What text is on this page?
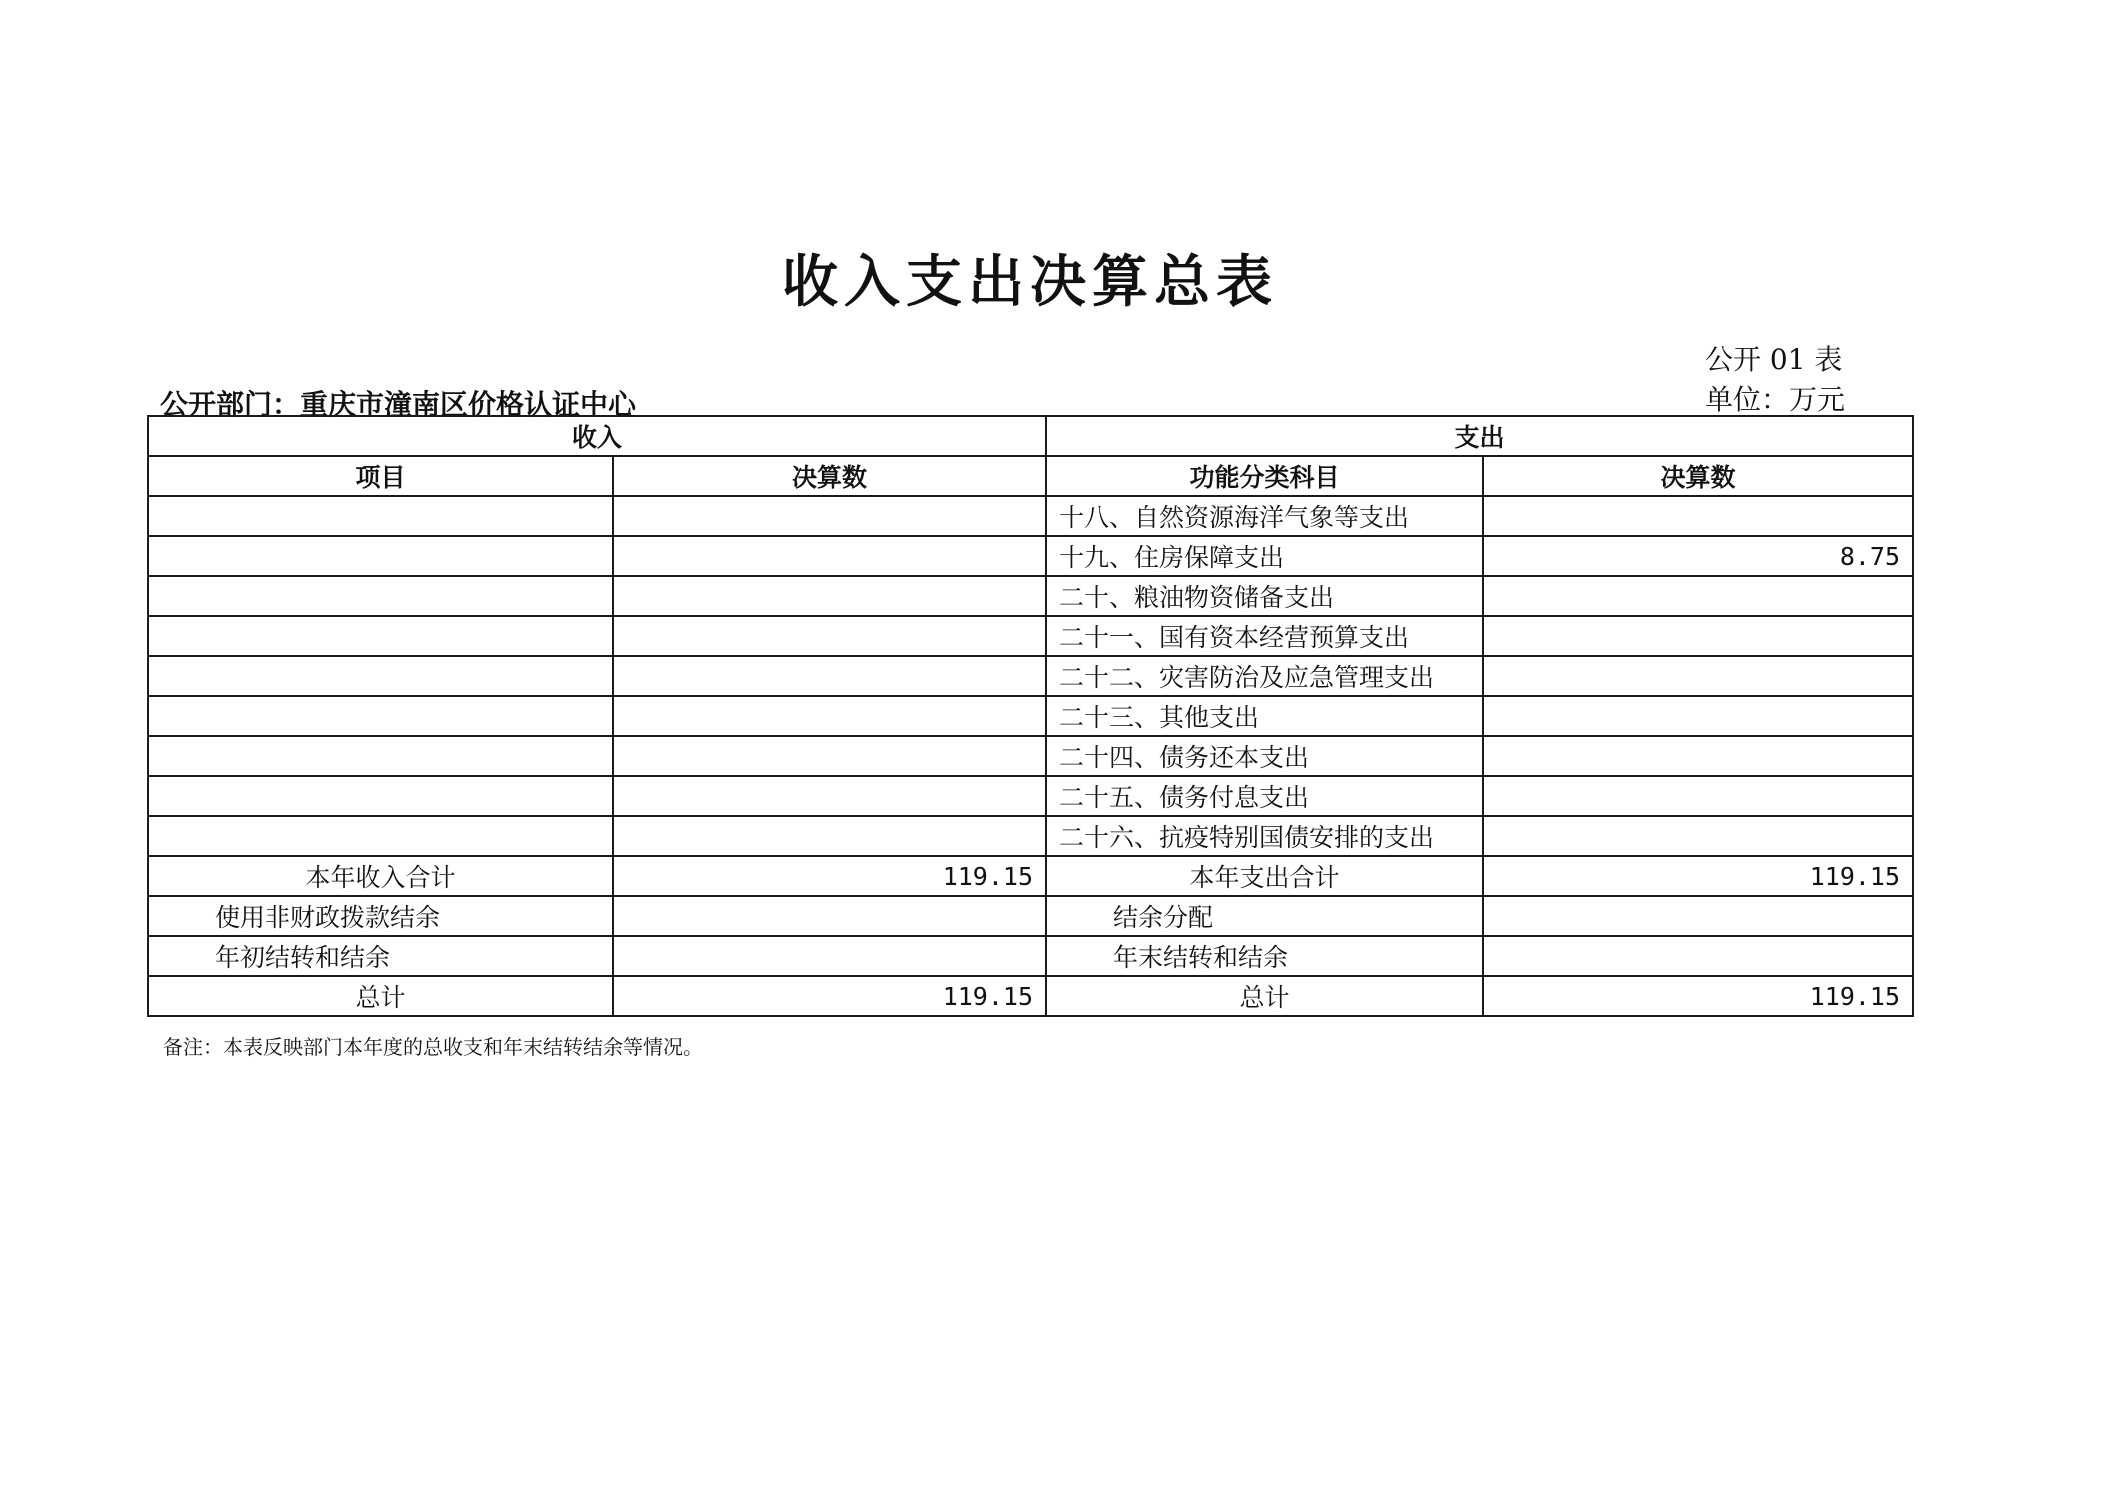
收入支出决算总表
公开 01 表
公开部门：重庆市潼南区价格认证中心	单位：万元
收入		支出	
项目	决算数	功能分类科目	决算数
		十八、自然资源海洋气象等支出	
		十九、住房保障支出	8.75
		二十、粮油物资储备支出	
		二十一、国有资本经营预算支出	
		二十二、灾害防治及应急管理支出	
		二十三、其他支出	
		二十四、债务还本支出	
		二十五、债务付息支出	
		二十六、抗疫特别国债安排的支出	
本年收入合计	119.15	本年支出合计	119.15
使用非财政拨款结余		结余分配	
年初结转和结余		年末结转和结余	
总计	119.15	总计	119.15
备注：本表反映部门本年度的总收支和年末结转结余等情况。
